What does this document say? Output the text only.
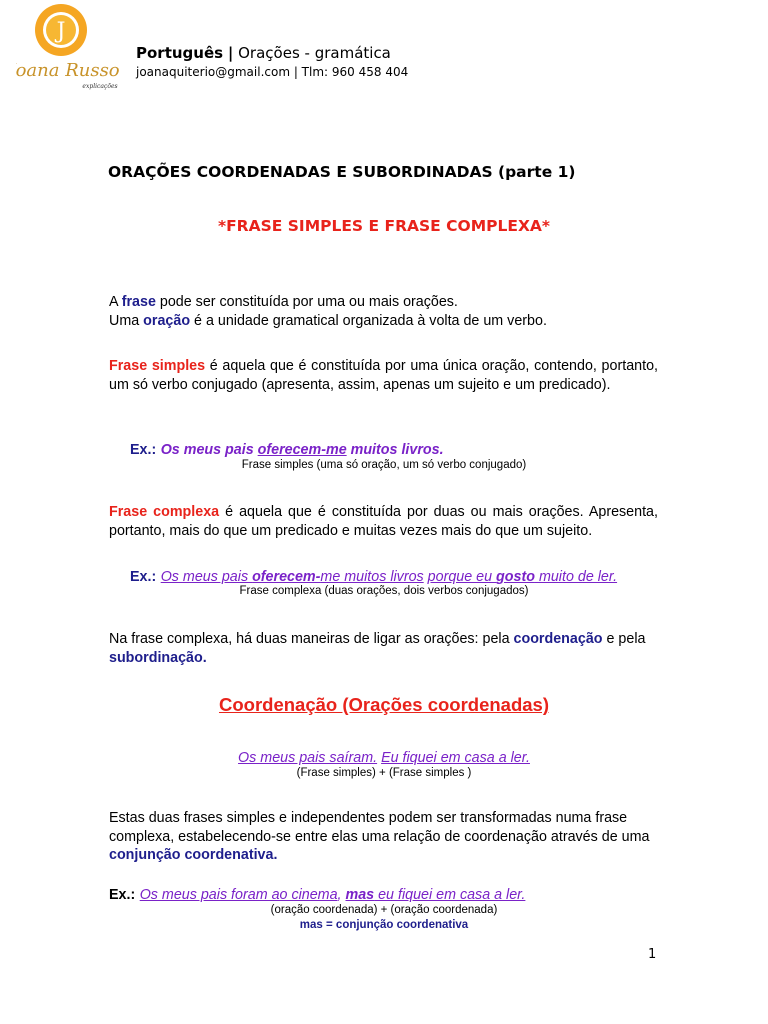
J
Joana Russo
explicações
Português | Orações - gramática
joanaquiterio@gmail.com | Tlm: 960 458 404
ORAÇÕES COORDENADAS E SUBORDINADAS (parte 1)
*FRASE SIMPLES E FRASE COMPLEXA*
A frase pode ser constituída por uma ou mais orações.
Uma oração é a unidade gramatical organizada à volta de um verbo.
Frase simples é aquela que é constituída por uma única oração, contendo, portanto, um só verbo conjugado (apresenta, assim, apenas um sujeito e um predicado).
Ex.: Os meus pais oferecem-me muitos livros.
Frase simples (uma só oração, um só verbo conjugado)
Frase complexa é aquela que é constituída por duas ou mais orações. Apresenta, portanto, mais do que um predicado e muitas vezes mais do que um sujeito.
Ex.: Os meus pais oferecem-me muitos livros porque eu gosto muito de ler.
Frase complexa (duas orações, dois verbos conjugados)
Na frase complexa, há duas maneiras de ligar as orações: pela coordenação e pela subordinação.
Coordenação (Orações coordenadas)
Os meus pais saíram. Eu fiquei em casa a ler.
(Frase simples) + (Frase simples )
Estas duas frases simples e independentes podem ser transformadas numa frase complexa, estabelecendo-se entre elas uma relação de coordenação através de uma conjunção coordenativa.
Ex.: Os meus pais foram ao cinema, mas eu fiquei em casa a ler.
(oração coordenada) + (oração coordenada)
mas = conjunção coordenativa
1
